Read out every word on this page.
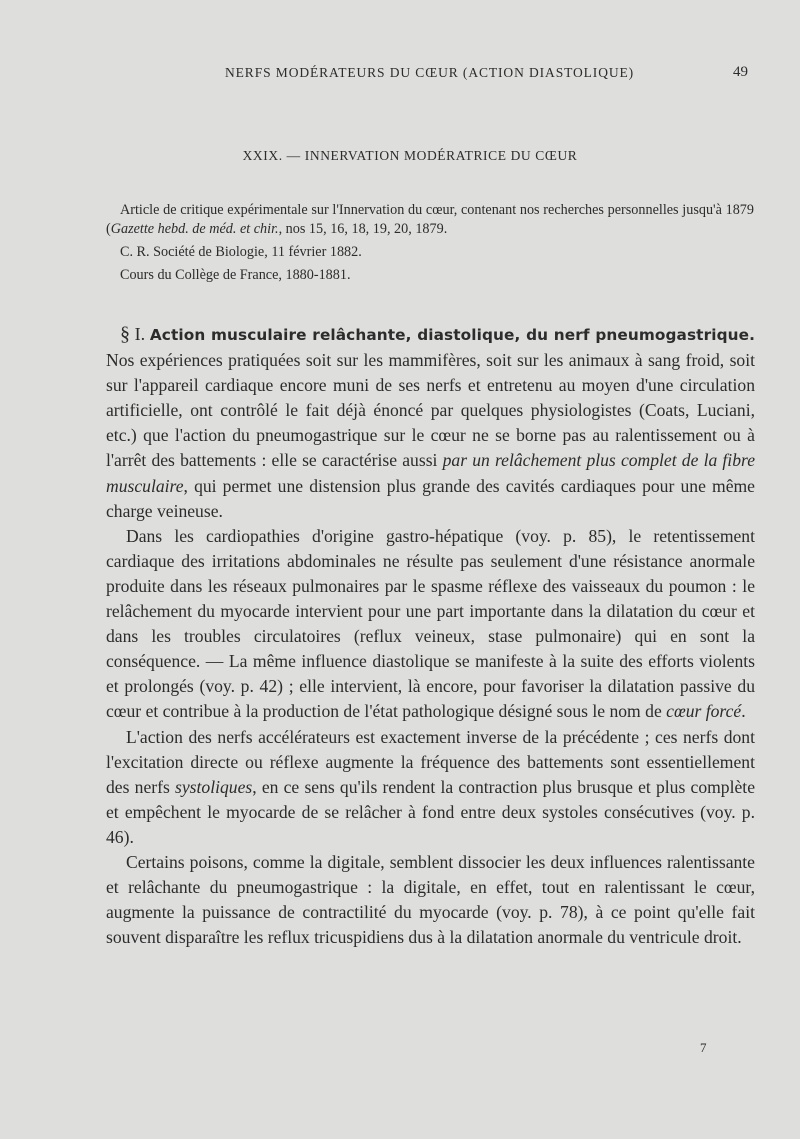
NERFS MODÉRATEURS DU CŒUR (ACTION DIASTOLIQUE)	49
XXIX. — INNERVATION MODÉRATRICE DU CŒUR

Article de critique expérimentale sur l'Innervation du cœur, contenant nos recherches personnelles jusqu'à 1879 (Gazette hebd. de méd. et chir., nos 15, 16, 18, 19, 20, 1879.

C. R. Société de Biologie, 11 février 1882.

Cours du Collège de France, 1880-1881.

§ I. Action musculaire relâchante, diastolique, du nerf pneumogastrique. Nos expériences pratiquées soit sur les mammifères, soit sur les animaux à sang froid, soit sur l'appareil cardiaque encore muni de ses nerfs et entretenu au moyen d'une circulation artificielle, ont contrôlé le fait déjà énoncé par quelques physiologistes (Coats, Luciani, etc.) que l'action du pneumogastrique sur le cœur ne se borne pas au ralentissement ou à l'arrêt des battements : elle se caractérise aussi par un relâchement plus complet de la fibre musculaire, qui permet une distension plus grande des cavités cardiaques pour une même charge veineuse.

Dans les cardiopathies d'origine gastro-hépatique (voy. p. 85), le retentissement cardiaque des irritations abdominales ne résulte pas seulement d'une résistance anormale produite dans les réseaux pulmonaires par le spasme réflexe des vaisseaux du poumon : le relâchement du myocarde intervient pour une part importante dans la dilatation du cœur et dans les troubles circulatoires (reflux veineux, stase pulmonaire) qui en sont la conséquence. — La même influence diastolique se manifeste à la suite des efforts violents et prolongés (voy. p. 42) ; elle intervient, là encore, pour favoriser la dilatation passive du cœur et contribue à la production de l'état pathologique désigné sous le nom de cœur forcé.

L'action des nerfs accélérateurs est exactement inverse de la précédente ; ces nerfs dont l'excitation directe ou réflexe augmente la fréquence des battements sont essentiellement des nerfs systoliques, en ce sens qu'ils rendent la contraction plus brusque et plus complète et empêchent le myocarde de se relâcher à fond entre deux systoles consécutives (voy. p. 46).

Certains poisons, comme la digitale, semblent dissocier les deux influences ralentissante et relâchante du pneumogastrique : la digitale, en effet, tout en ralentissant le cœur, augmente la puissance de contractilité du myocarde (voy. p. 78), à ce point qu'elle fait souvent disparaître les reflux tricuspidiens dus à la dilatation anormale du ventricule droit.

7
